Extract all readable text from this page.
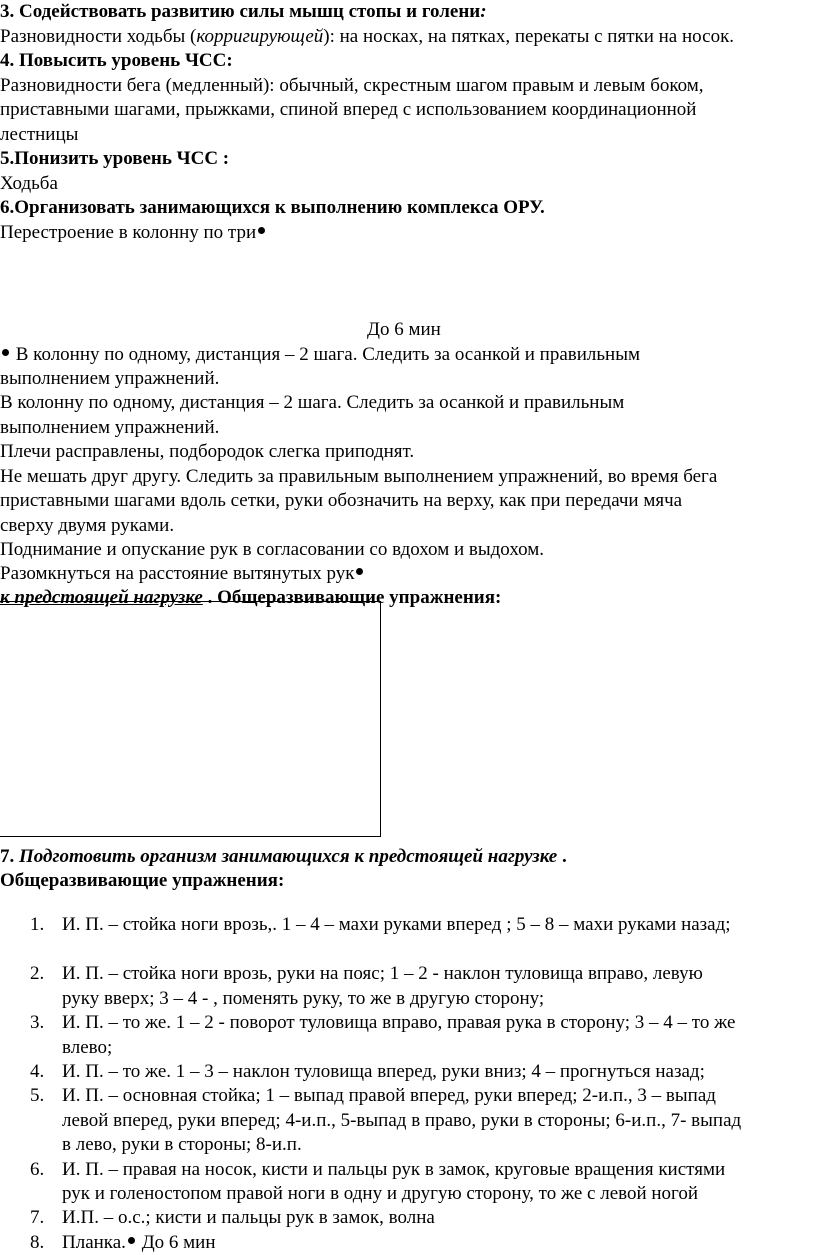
3. Содействовать развитию силы мышц стопы и голени:

Разновидности ходьбы (корригирующей): на носках, на пятках, перекаты с пятки на носок.

4. Повысить уровень ЧСС:

Разновидности бега (медленный): обычный, скрестным шагом правым и левым боком,

приставными шагами, прыжками, спиной вперед с использованием координационной

лестницы

5.Понизить уровень ЧСС :

Ходьба

6.Организовать занимающихся к выполнению комплекса ОРУ.

Перестроение в колонну по три

До 6 мин

В колонну по одному, дистанция – 2 шага. Следить за осанкой и правильным

выполнением упражнений.

В колонну по одному, дистанция – 2 шага. Следить за осанкой и правильным

выполнением упражнений.

Плечи расправлены, подбородок слегка приподнят.

Не мешать друг другу. Следить за правильным выполнением упражнений, во время бега

приставными шагами вдоль сетки, руки обозначить на верху, как при передачи мяча

сверху двумя руками.

Поднимание и опускание рук в согласовании со вдохом и выдохом.

Разомкнуться на расстояние вытянутых рук

к предстоящей нагрузке . Общеразвивающие упражнения:

7. Подготовить организм занимающихся к предстоящей нагрузке .

Общеразвивающие упражнения:

1. И. П. – стойка ноги врозь,. 1 – 4 – махи руками вперед ; 5 – 8 – махи руками назад;

2. И. П. – стойка ноги врозь, руки на пояс; 1 – 2 - наклон туловища вправо, левую

руку вверх; 3 – 4 - , поменять руку, то же в другую сторону;

3. И. П. – то же. 1 – 2 - поворот туловища вправо, правая рука в сторону; 3 – 4 – то же

влево;

4. И. П. – то же. 1 – 3 – наклон туловища вперед, руки вниз; 4 – прогнуться назад;

5. И. П. – основная стойка; 1 – выпад правой вперед, руки вперед; 2-и.п., 3 – выпад

левой вперед, руки вперед; 4-и.п., 5-выпад в право, руки в стороны; 6-и.п., 7- выпад

в лево, руки в стороны; 8-и.п.

6. И. П. – правая на носок, кисти и пальцы рук в замок, круговые вращения кистями

рук и голеностопом правой ноги в одну и другую сторону, то же с левой ногой

7. И.П. – о.с.; кисти и пальцы рук в замок, волна

8. Планка. До 6 мин
